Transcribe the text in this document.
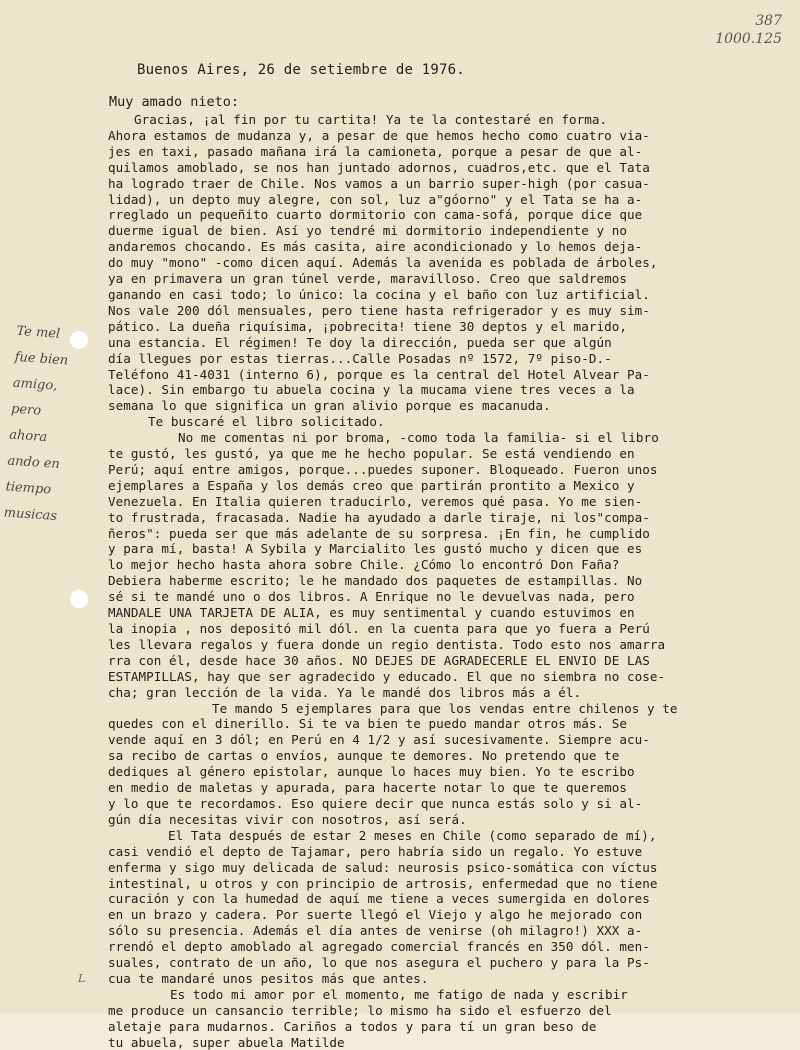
387
1000.125
Buenos Aires, 26 de setiembre de 1976.
Muy amado nieto:
Gracias, ¡al fin por tu cartita! Ya te la contestaré en forma.
Ahora estamos de mudanza y, a pesar de que hemos hecho como cuatro via-
jes en taxi, pasado mañana irá la camioneta, porque a pesar de que al-
quilamos amoblado, se nos han juntado adornos, cuadros,etc. que el Tata
ha logrado traer de Chile. Nos vamos a un barrio super-high (por casua-
lidad), un depto muy alegre, con sol, luz a"góorno" y el Tata se ha a-
rreglado un pequeñito cuarto dormitorio con cama-sofá, porque dice que
duerme igual de bien. Así yo tendré mi dormitorio independiente y no
andaremos chocando. Es más casita, aire acondicionado y lo hemos deja-
do muy "mono" -como dicen aquí. Además la avenida es poblada de árboles,
ya en primavera un gran túnel verde, maravilloso. Creo que saldremos
ganando en casi todo; lo único: la cocina y el baño con luz artificial.
Nos vale 200 dól mensuales, pero tiene hasta refrigerador y es muy sim-
pático. La dueña riquísima, ¡pobrecita! tiene 30 deptos y el marido,
una estancia. El régimen! Te doy la dirección, pueda ser que algún
día llegues por estas tierras...Calle Posadas nº 1572, 7º piso-D.-
Teléfono 41-4031 (interno 6), porque es la central del Hotel Alvear Pa-
lace). Sin embargo tu abuela cocina y la mucama viene tres veces a la
semana lo que significa un gran alivio porque es macanuda.
Te buscaré el libro solicitado.
No me comentas ni por broma, -como toda la familia- si el libro
te gustó, les gustó, ya que me he hecho popular. Se está vendiendo en
Perú; aquí entre amigos, porque...puedes suponer. Bloqueado. Fueron unos
ejemplares a España y los demás creo que partirán prontito a Mexico y
Venezuela. En Italia quieren traducirlo, veremos qué pasa. Yo me sien-
to frustrada, fracasada. Nadie ha ayudado a darle tiraje, ni los"compa-
ñeros": pueda ser que más adelante de su sorpresa. ¡En fin, he cumplido
y para mí, basta! A Sybila y Marcialito les gustó mucho y dicen que es
lo mejor hecho hasta ahora sobre Chile. ¿Cómo lo encontró Don Faña?
Debiera haberme escrito; le he mandado dos paquetes de estampillas. No
sé si te mandé uno o dos libros. A Enrique no le devuelvas nada, pero
MANDALE UNA TARJETA DE ALIA, es muy sentimental y cuando estuvimos en
la inopia , nos depositó mil dól. en la cuenta para que yo fuera a Perú
les llevara regalos y fuera donde un regio dentista. Todo esto nos amarra
rra con él, desde hace 30 años. NO DEJES DE AGRADECERLE EL ENVIO DE LAS
ESTAMPILLAS, hay que ser agradecido y educado. El que no siembra no cose-
cha; gran lección de la vida. Ya le mandé dos libros más a él.
Te mando 5 ejemplares para que los vendas entre chilenos y te
quedes con el dinerillo. Si te va bien te puedo mandar otros más. Se
vende aquí en 3 dól; en Perú en 4 1/2 y así sucesivamente. Siempre acu-
sa recibo de cartas o envíos, aunque te demores. No pretendo que te
dediques al género epistolar, aunque lo haces muy bien. Yo te escribo
en medio de maletas y apurada, para hacerte notar lo que te queremos
y lo que te recordamos. Eso quiere decir que nunca estás solo y si al-
gún día necesitas vivir con nosotros, así será.
El Tata después de estar 2 meses en Chile (como separado de mí),
casi vendió el depto de Tajamar, pero habría sido un regalo. Yo estuve
enferma y sigo muy delicada de salud: neurosis psico-somática con víctus
intestinal, u otros y con principio de artrosis, enfermedad que no tiene
curación y con la humedad de aquí me tiene a veces sumergida en dolores
en un brazo y cadera. Por suerte llegó el Viejo y algo he mejorado con
sólo su presencia. Además el día antes de venirse (oh milagro!) XXX a-
rrendó el depto amoblado al agregado comercial francés en 350 dól. men-
suales, contrato de un año, lo que nos asegura el puchero y para la Ps-
cua te mandaré unos pesitos más que antes.
Es todo mi amor por el momento, me fatigo de nada y escribir
me produce un cansancio terrible; lo mismo ha sido el esfuerzo del
aletaje para mudarnos. Cariños a todos y para tí un gran beso de
tu abuela, super abuela Matilde
Te mel
fue bien
amigo,
pero
ahora
ando en
tiempo
musicas
L
